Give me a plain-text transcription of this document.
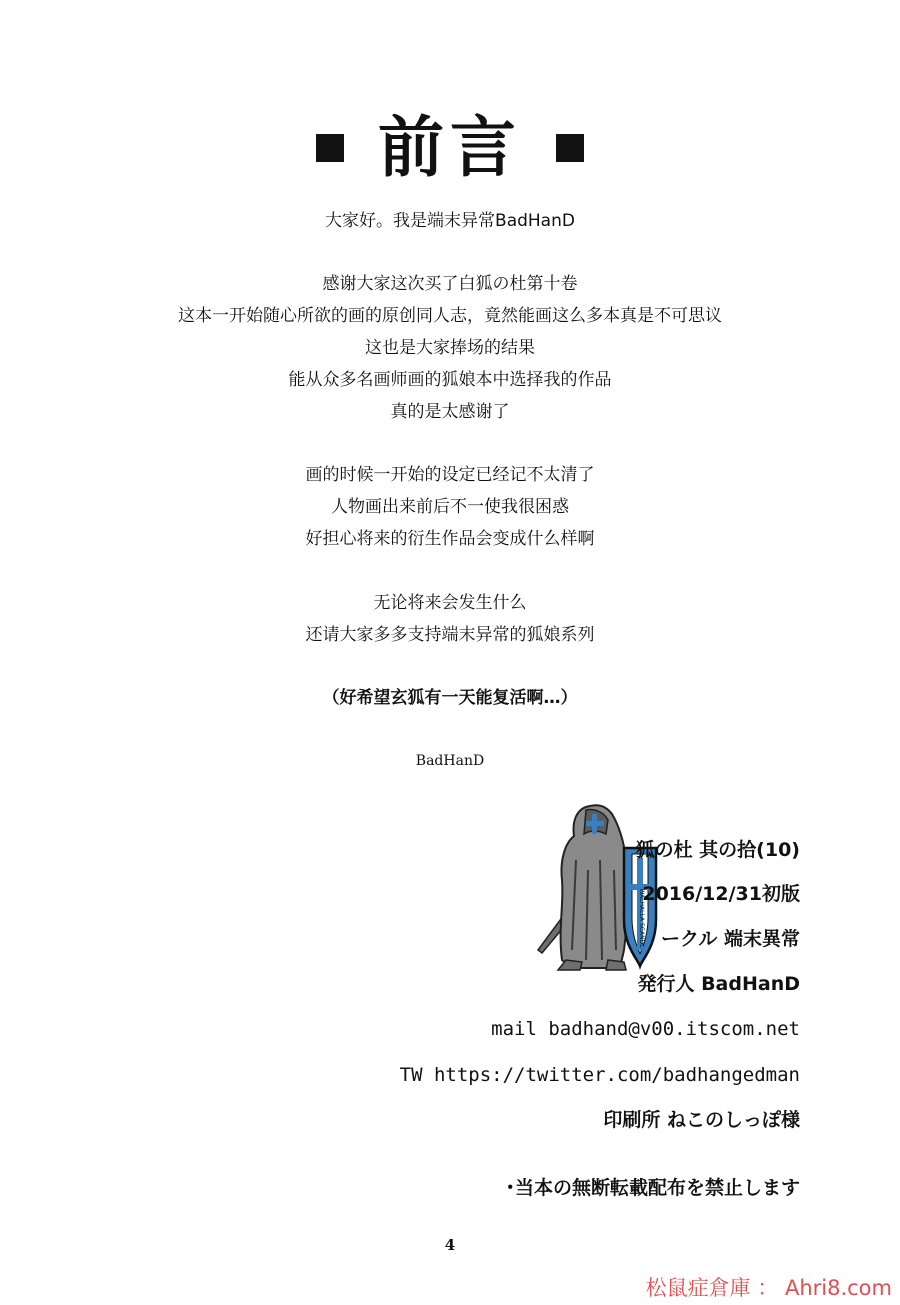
前言
大家好。我是端末异常BadHanD
感谢大家这次买了白狐の杜第十卷
这本一开始随心所欲的画的原创同人志，竟然能画这么多本真是不可思议
这也是大家捧场的结果
能从众多名画师画的狐娘本中选择我的作品
真的是太感谢了
画的时候一开始的设定已经记不太清了
人物画出来前后不一使我很困惑
好担心将来的衍生作品会变成什么样啊
无论将来会发生什么
还请大家多多支持端末异常的狐娘系列
（好希望玄狐有一天能复活啊…）
BadHanD
WALHALLA SCANDL
狐の杜 其の拾(10)
2016/12/31初版
ークル 端末異常
発行人 BadHanD
mail badhand@v00.itscom.net
TW https://twitter.com/badhangedman
印刷所 ねこのしっぽ様
･当本の無断転載配布を禁止します
4
松鼠症倉庫 ： Ahri8.com
